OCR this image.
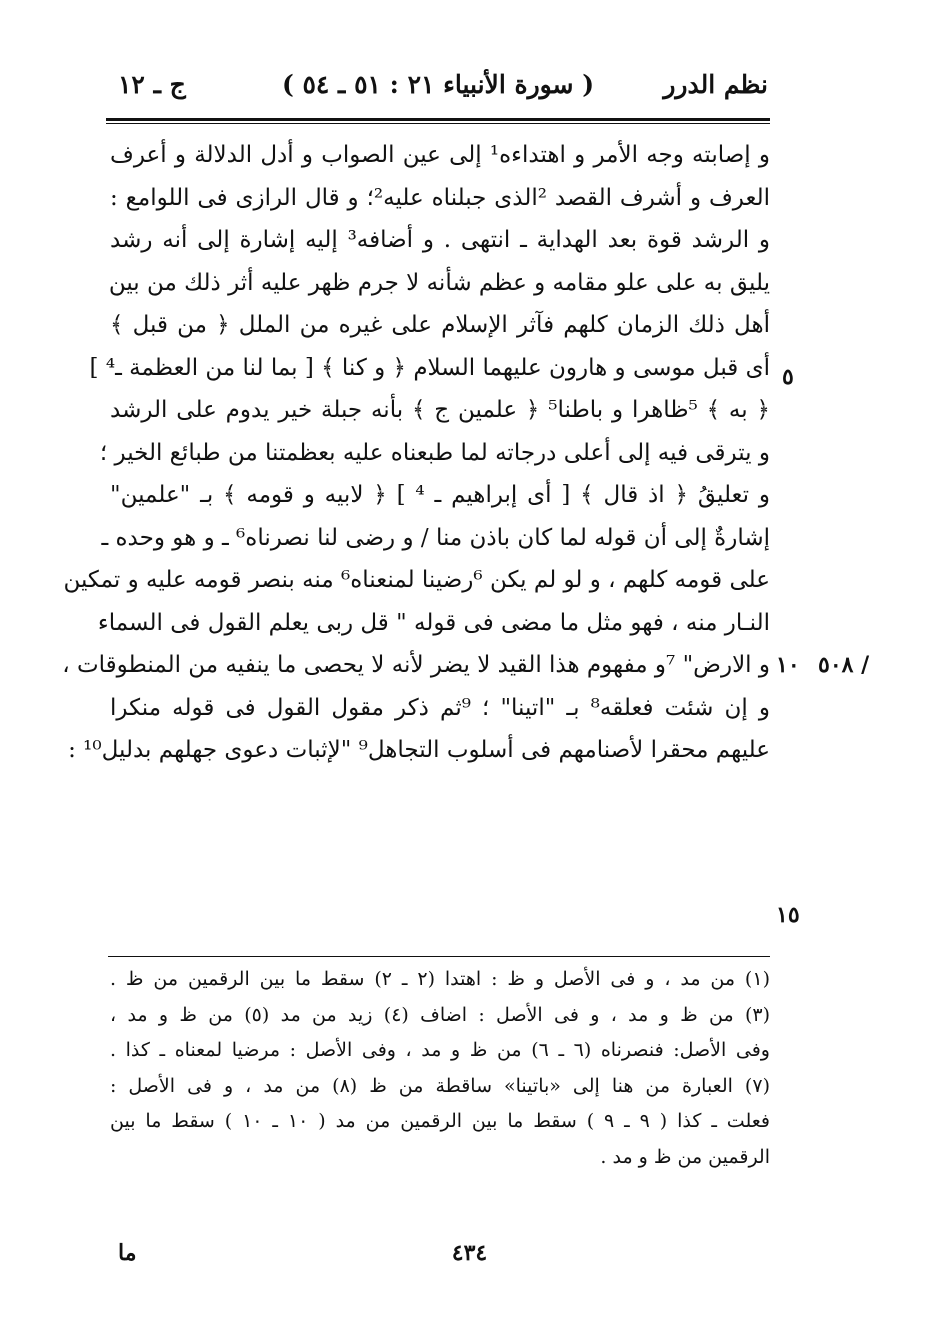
نظم الدرر
( سورة الأنبياء ٢١ : ٥١ ـ ٥٤ )
ج ـ ١٢
و إصابته وجه الأمر و اهتداءه¹ إلى عين الصواب و أدل الدلالة و أعرف
العرف و أشرف القصد ²الذى جبلناه عليه²؛ و قال الرازى فى اللوامع :
و الرشد قوة بعد الهداية ـ انتهى . و أضافه³ إليه إشارة إلى أنه رشد
يليق به على علو مقامه و عظم شأنه لا جرم ظهر عليه أثر ذلك من بين
أهل ذلك الزمان كلهم فآثر الإسلام على غيره من الملل ﴿ من قبل ﴾
أى قبل موسى و هارون عليهما السلام ﴿ و كنا ﴾ [ بما لنا من العظمة ـ⁴ ]
﴿ به ﴾ ⁵ظاهرا و باطنا⁵ ﴿ علمين ج ﴾ بأنه جبلة خير يدوم على الرشد
و يترقى فيه إلى أعلى درجاته لما طبعناه عليه بعظمتنا من طبائع الخير ؛
و تعليقُ ﴿ اذ قال ﴾ [ أى إبراهيم ـ ⁴ ] ﴿ لابيه و قومه ﴾ بـ "علمين"
إشارةٌ إلى أن قوله لما كان باذن منا / و رضى لنا نصرناه⁶ ـ و هو وحده ـ
على قومه كلهم ، و لو لم يكن ⁶رضينا لمنعناه⁶ منه بنصر قومه عليه و تمكين
النـار منه ، فهو مثل ما مضى فى قوله " قل ربى يعلم القول فى السماء
و الارض" ⁷و مفهوم هذا القيد لا يضر لأنه لا يحصى ما ينفيه من المنطوقات ،
و إن شئت فعلقه⁸ بـ "اتينا" ؛ ⁹ثم ذكر مقول القول فى قوله منكرا
عليهم محقرا لأصنامهم فى أسلوب التجاهل⁹ "لإثبات دعوى جهلهم بدليل¹⁰ :
٥
١٠
١٥
٥٠٨ /
(١) من مد ، و فى الأصل و ظ : اهتدا (٢ ـ ٢) سقط ما بين الرقمين من ظ .
(٣) من ظ و مد ، و فى الأصل : اضاف (٤) زيد من مد (٥) من ظ و مد ،
وفى الأصل: فنصرناه (٦ ـ ٦) من ظ و مد ، وفى الأصل : مرضيا لمعناه ـ كذا .
(٧) العبارة من هنا إلى «باتينا» ساقطة من ظ (٨) من مد ، و فى الأصل :
فعلت ـ كذا ( ٩ ـ ٩ ) سقط ما بين الرقمين من مد ( ١٠ ـ ١٠ ) سقط ما بين
الرقمين من ظ و مد .
٤٣٤
ما
